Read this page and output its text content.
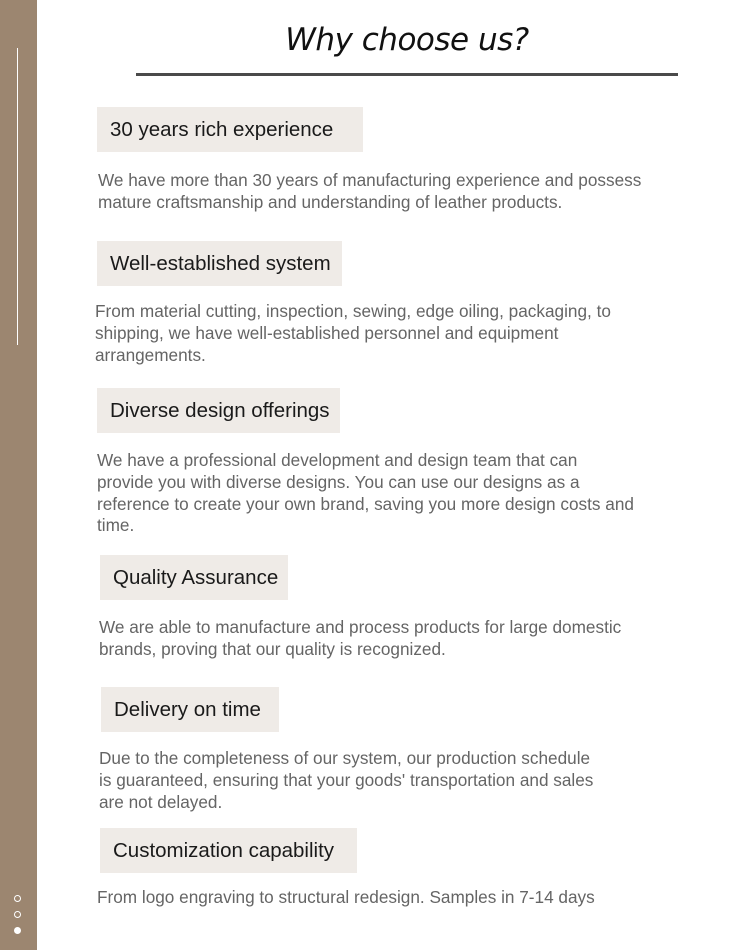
Why choose us?
30 years rich experience
We have more than 30 years of manufacturing experience and possess
mature craftsmanship and understanding of leather products.
Well-established system
From material cutting, inspection, sewing, edge oiling, packaging, to
shipping, we have well-established personnel and equipment
arrangements.
Diverse design offerings
We have a professional development and design team that can
provide you with diverse designs. You can use our designs as a
reference to create your own brand, saving you more design costs and
time.
Quality Assurance
We are able to manufacture and process products for large domestic
brands, proving that our quality is recognized.
Delivery on time
Due to the completeness of our system, our production schedule
is guaranteed, ensuring that your goods' transportation and sales
are not delayed.
Customization capability
From logo engraving to structural redesign. Samples in 7-14 days
